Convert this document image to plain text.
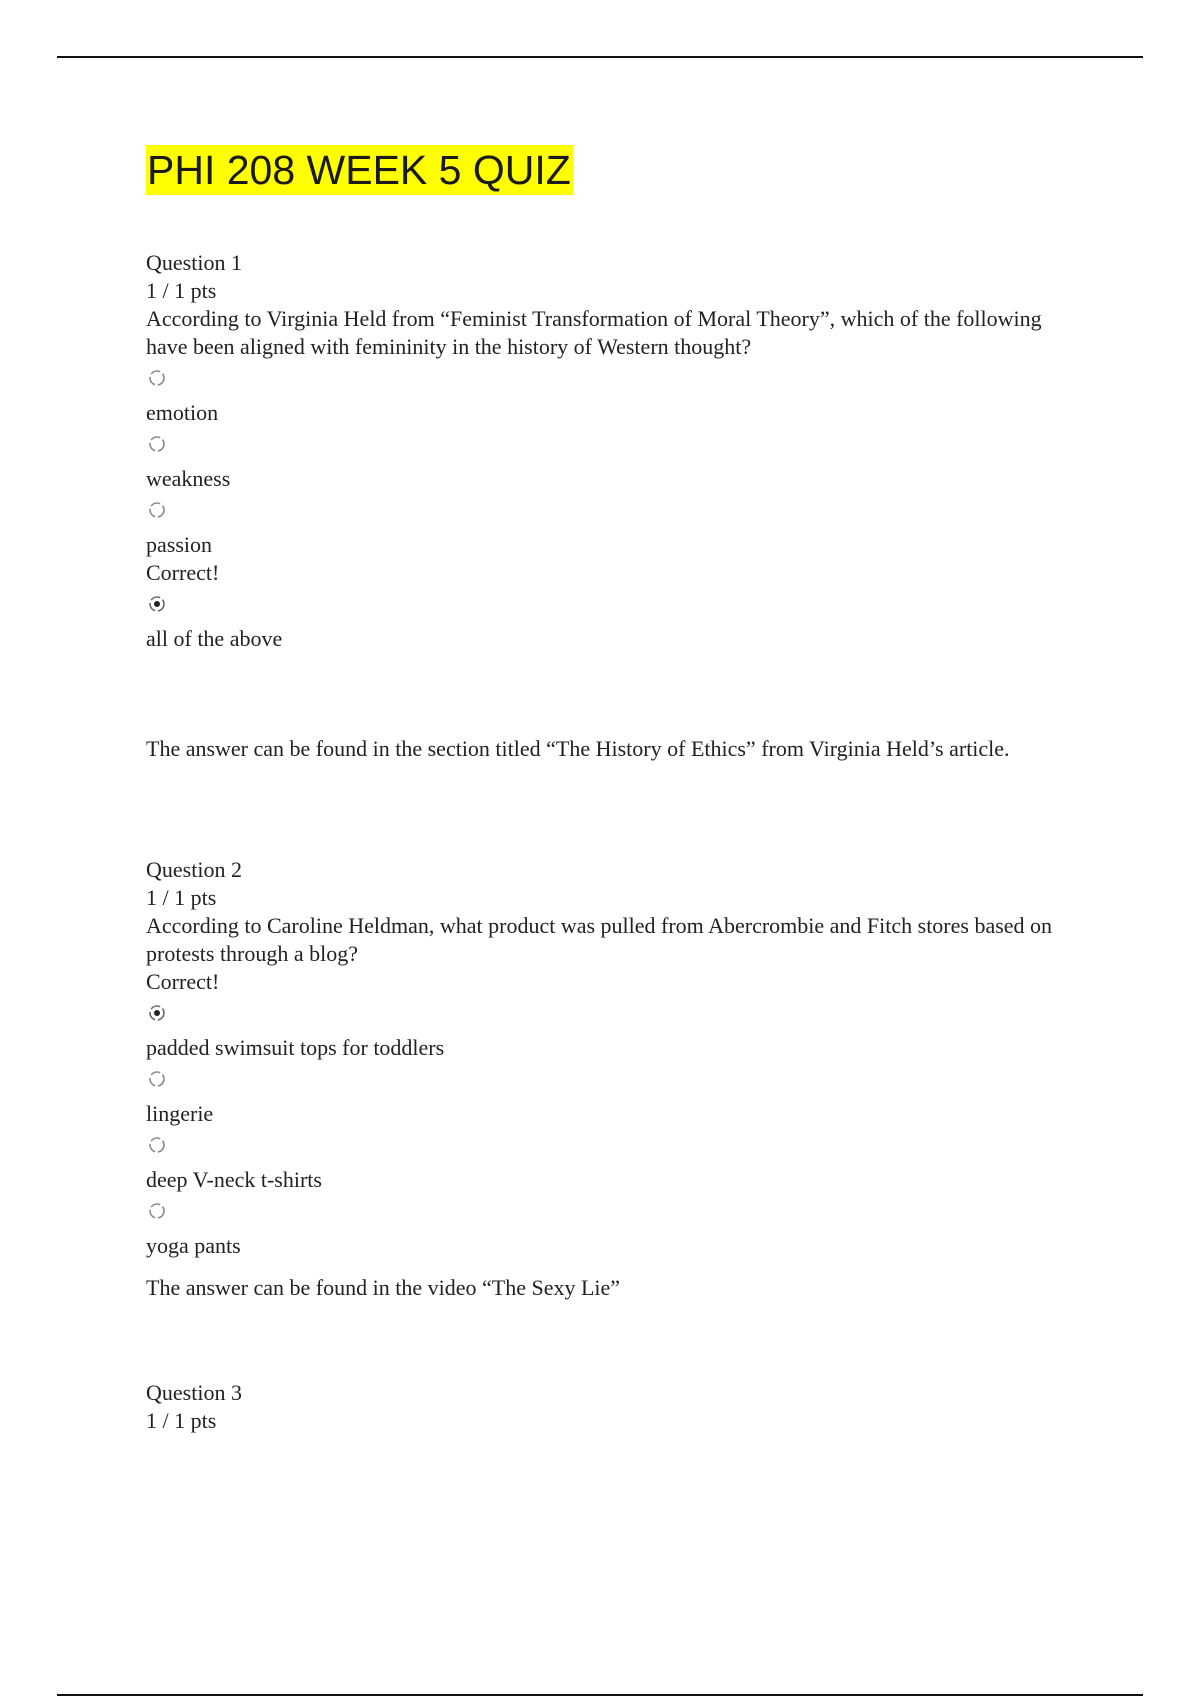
PHI 208 WEEK 5 QUIZ

Question 1

1 / 1 pts

According to Virginia Held from “Feminist Transformation of Moral Theory”, which of the following have been aligned with femininity in the history of Western thought?

emotion

weakness

passion

Correct!

all of the above

The answer can be found in the section titled “The History of Ethics” from Virginia Held’s article.

Question 2

1 / 1 pts

According to Caroline Heldman, what product was pulled from Abercrombie and Fitch stores based on protests through a blog?

Correct!

padded swimsuit tops for toddlers

lingerie

deep V-neck t-shirts

yoga pants

The answer can be found in the video “The Sexy Lie”

Question 3

1 / 1 pts
